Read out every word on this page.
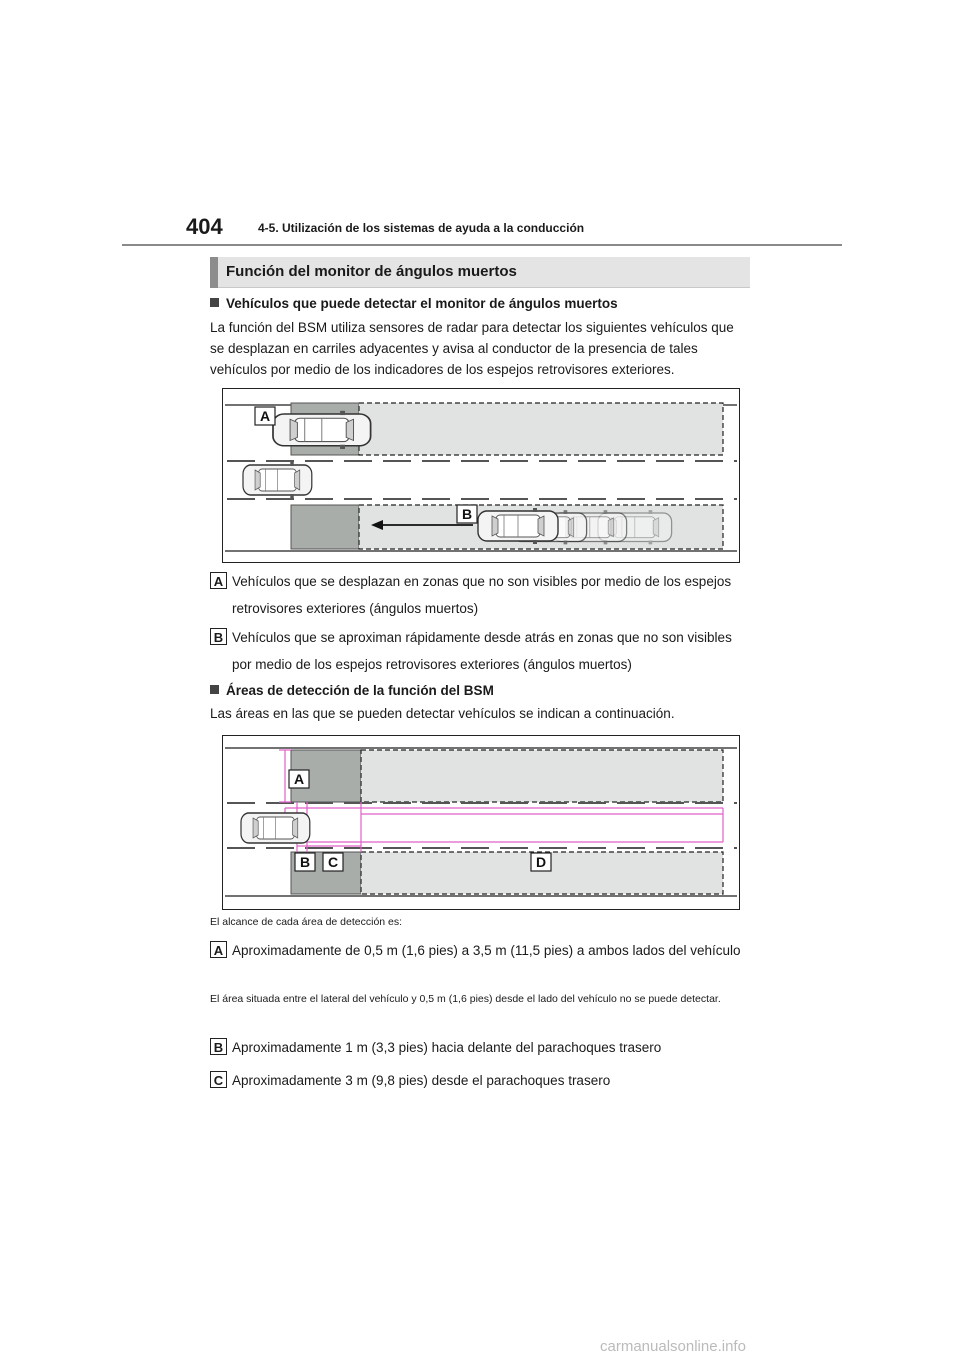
404	4-5. Utilización de los sistemas de ayuda a la conducción
Función del monitor de ángulos muertos
Vehículos que puede detectar el monitor de ángulos muertos
La función del BSM utiliza sensores de radar para detectar los siguientes vehículos que se desplazan en carriles adyacentes y avisa al conductor de la presencia de tales vehículos por medio de los indicadores de los espejos retrovisores exteriores.
A
B
A Vehículos que se desplazan en zonas que no son visibles por medio de los espejos retrovisores exteriores (ángulos muertos)
B Vehículos que se aproximan rápidamente desde atrás en zonas que no son visibles por medio de los espejos retrovisores exteriores (ángulos muertos)
Áreas de detección de la función del BSM
Las áreas en las que se pueden detectar vehículos se indican a continuación.
A
B C	D
El alcance de cada área de detección es:
A Aproximadamente de 0,5 m (1,6 pies) a 3,5 m (11,5 pies) a ambos lados del vehículo
El área situada entre el lateral del vehículo y 0,5 m (1,6 pies) desde el lado del vehículo no se puede detectar.
B Aproximadamente 1 m (3,3 pies) hacia delante del parachoques trasero
C Aproximadamente 3 m (9,8 pies) desde el parachoques trasero
carmanualsonline.info
